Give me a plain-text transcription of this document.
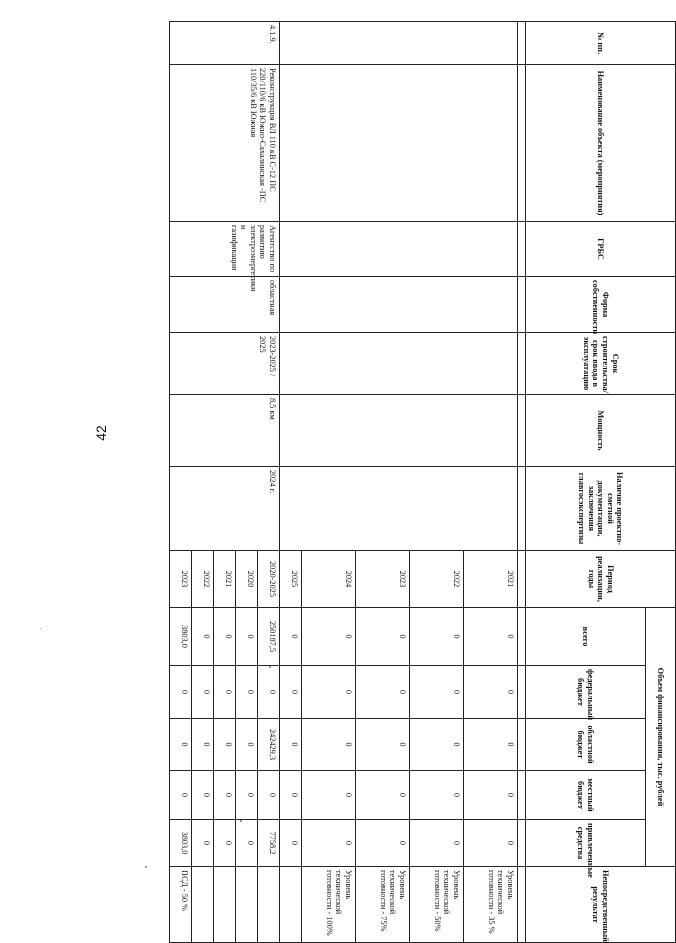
42
№ пп.	Наименование объекта (мероприятия)	ГРБС	Форма собственности	Срок строительства/срок ввода в эксплуатацию	Мощность	Наличие проектно-сметной документации, заключения главгосэкспертизы	Период реализации, годы	Объем финансирования, тыс. рублей					Непосредственный результат
								всего	федеральный бюджет	областной бюджет	местный бюджет	привлеченные средства	

							2021	0	0	0	0	0	Уровень технической готовности - 35 %
							2022	0	0	0	0	0	Уровень технической готовности - 50%
							2023	0	0	0	0	0	Уровень технической готовности - 75%
							2024	0	0	0	0	0	Уровень технической готовности - 100%
							2025	0	0	0	0	0	
4.1.9.	Реконструкция ВЛ 110 кВ С-12 ПС 220/110/6 кВ Южно-Сахалинская -ПС 110/35/6 кВ Южная	Агентство по развитию электроэнергетики и газификации	областная	2023-2025 / 2025	8,5 км	2024 г.	2020-2025	250187,5	0	242429,3	0	7758,2	
							2020	0	0	0	0	0	
							2021	0	0	0	0	0	
							2022	0	0	0	0	0	
							2023	3803,0	0	0	0	3803,0	ПСД - 50 %
